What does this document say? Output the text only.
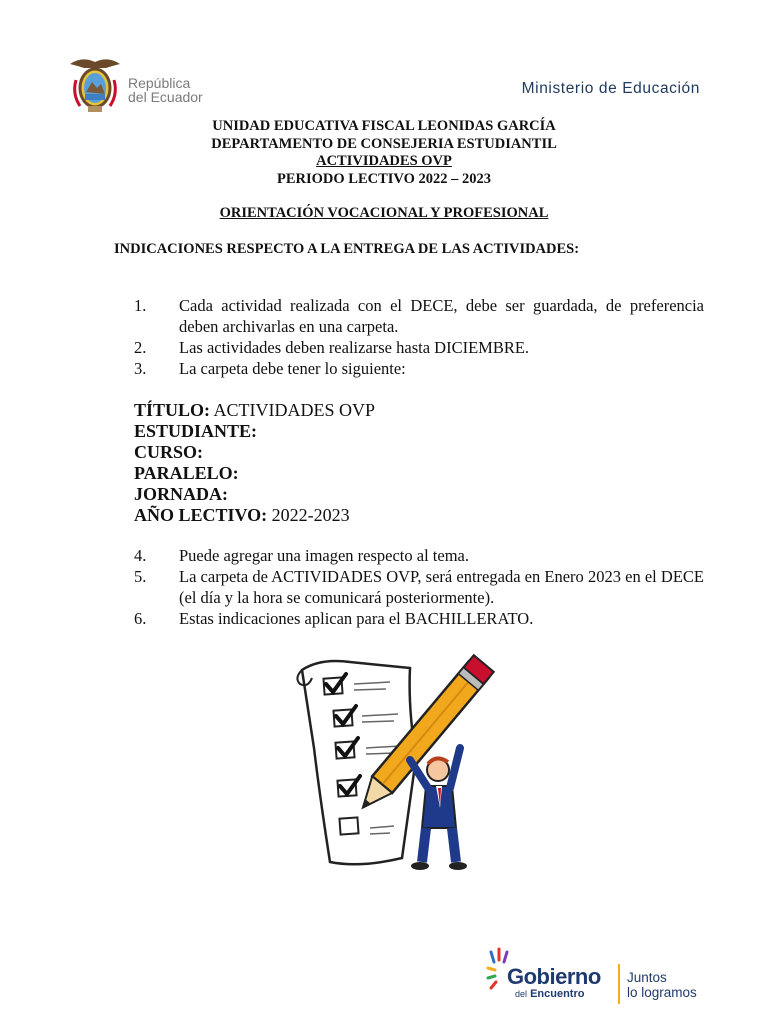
República
del Ecuador	Ministerio de Educación
UNIDAD EDUCATIVA FISCAL LEONIDAS GARCÍA
DEPARTAMENTO DE CONSEJERIA ESTUDIANTIL
ACTIVIDADES OVP
PERIODO LECTIVO 2022 – 2023
ORIENTACIÓN VOCACIONAL Y PROFESIONAL
INDICACIONES RESPECTO A LA ENTREGA DE LAS ACTIVIDADES:
1.	Cada actividad realizada con el DECE, debe ser guardada, de preferencia deben archivarlas en una carpeta.
2.	Las actividades deben realizarse hasta DICIEMBRE.
3.	La carpeta debe tener lo siguiente:
TÍTULO: ACTIVIDADES OVP
ESTUDIANTE:
CURSO:
PARALELO:
JORNADA:
AÑO LECTIVO: 2022-2023
4.	Puede agregar una imagen respecto al tema.
5.	La carpeta de ACTIVIDADES OVP, será entregada en Enero 2023 en el DECE (el día y la hora se comunicará posteriormente).
6.	Estas indicaciones aplican para el BACHILLERATO.
Gobierno
del Encuentro
Juntos
lo logramos
